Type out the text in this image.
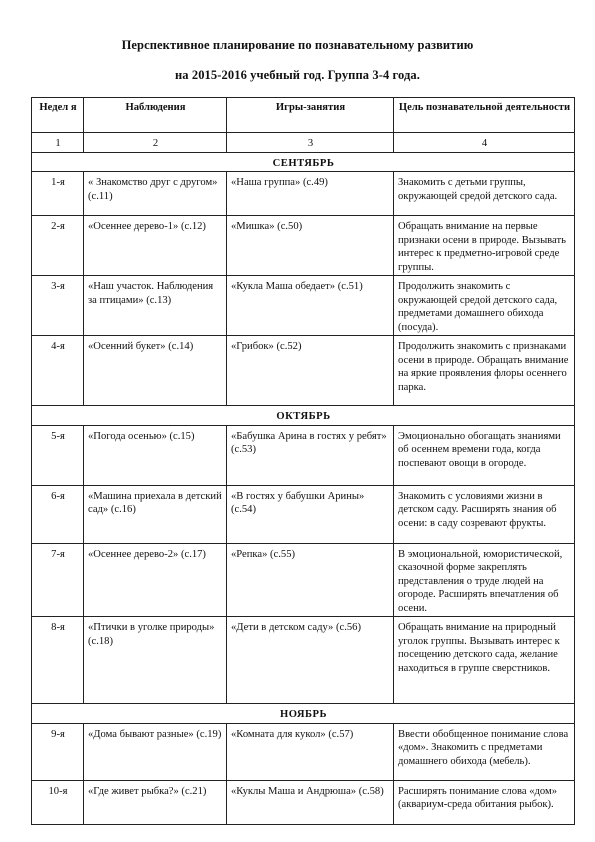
Перспективное планирование по познавательному развитию
на 2015-2016 учебный год. Группа 3-4 года.
Недел я	Наблюдения	Игры-занятия	Цель познавательной деятельности
1	2	3	4
СЕНТЯБРЬ			
1-я	« Знакомство друг с другом» (с.11)	«Наша группа» (с.49)	Знакомить с детьми группы, окружающей средой детского сада.
2-я	«Осеннее дерево-1» (с.12)	«Мишка» (с.50)	Обращать внимание на первые признаки осени в природе. Вызывать интерес к предметно-игровой среде группы.
3-я	«Наш участок. Наблюдения за птицами» (с.13)	«Кукла Маша обедает» (с.51)	Продолжить знакомить с окружающей средой детского сада, предметами домашнего обихода (посуда).
4-я	«Осенний букет» (с.14)	«Грибок» (с.52)	Продолжить знакомить с признаками осени в природе. Обращать внимание на яркие проявления флоры осеннего парка.
ОКТЯБРЬ			
5-я	«Погода осенью» (с.15)	«Бабушка Арина в гостях у ребят» (с.53)	Эмоционально обогащать знаниями об осеннем времени года, когда поспевают овощи в огороде.
6-я	«Машина приехала в детский сад» (с.16)	«В гостях у бабушки Арины» (с.54)	Знакомить с условиями жизни в детском саду. Расширять знания об осени: в саду созревают фрукты.
7-я	«Осеннее дерево-2» (с.17)	«Репка» (с.55)	В эмоциональной, юмористической, сказочной форме закреплять представления о труде людей на огороде. Расширять впечатления об осени.
8-я	«Птички в уголке природы» (с.18)	«Дети в детском саду» (с.56)	Обращать внимание на природный уголок группы. Вызывать интерес к посещению детского сада, желание находиться в группе сверстников.
НОЯБРЬ			
9-я	«Дома бывают разные» (с.19)	«Комната для кукол» (с.57)	Ввести обобщенное понимание слова «дом». Знакомить с предметами домашнего обихода (мебель).
10-я	«Где живет рыбка?» (с.21)	«Куклы Маша и Андрюша» (с.58)	Расширять понимание слова «дом» (аквариум-среда обитания рыбок).
